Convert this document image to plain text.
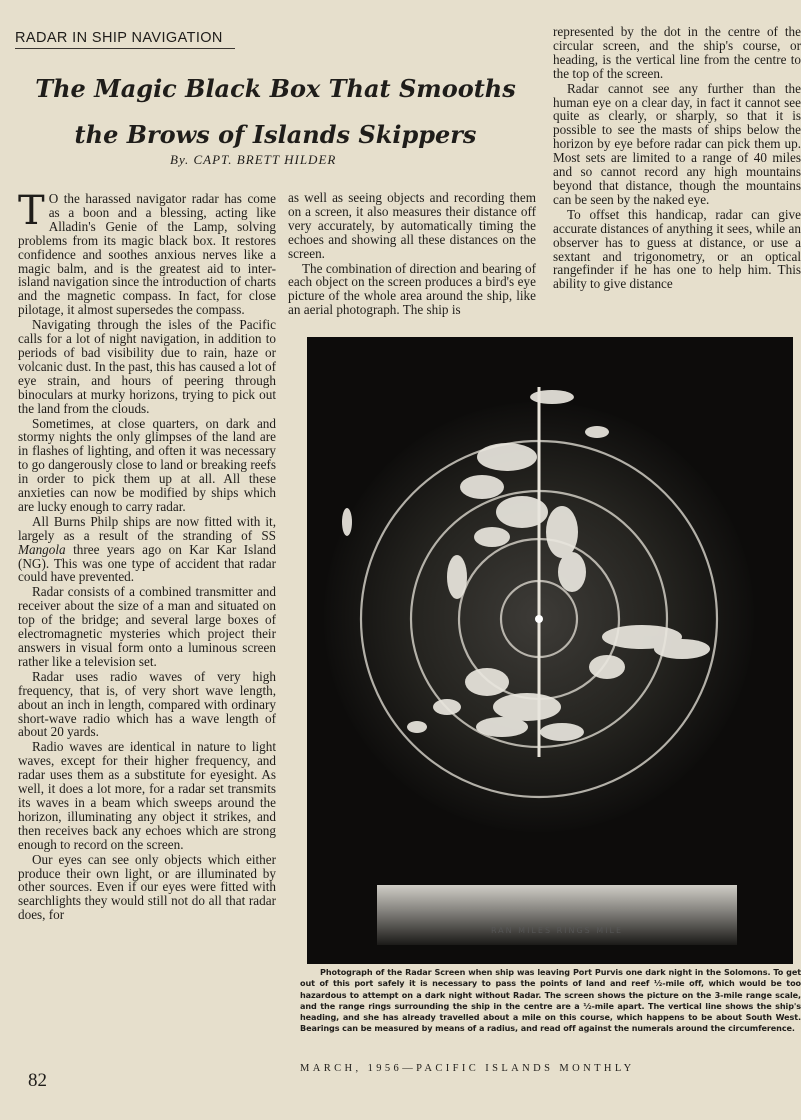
RADAR IN SHIP NAVIGATION
The Magic Black Box That Smooths
the Brows of Islands Skippers
By. CAPT. BRETT HILDER

T O the harassed navigator radar has come as a boon and a blessing, acting like Alladin's Genie of the Lamp, solving problems from its magic black box. It restores confidence and soothes anxious nerves like a magic balm, and is the greatest aid to inter-island navigation since the introduction of charts and the magnetic compass. In fact, for close pilotage, it almost supersedes the compass.

Navigating through the isles of the Pacific calls for a lot of night navigation, in addition to periods of bad visibility due to rain, haze or volcanic dust. In the past, this has caused a lot of eye strain, and hours of peering through binoculars at murky horizons, trying to pick out the land from the clouds.

Sometimes, at close quarters, on dark and stormy nights the only glimpses of the land are in flashes of lighting, and often it was necessary to go dangerously close to land or breaking reefs in order to pick them up at all. All these anxieties can now be modified by ships which are lucky enough to carry radar.

All Burns Philp ships are now fitted with it, largely as a result of the stranding of SS Mangola three years ago on Kar Kar Island (NG). This was one type of accident that radar could have prevented.

Radar consists of a combined transmitter and receiver about the size of a man and situated on top of the bridge; and several large boxes of electromagnetic mysteries which project their answers in visual form onto a luminous screen rather like a television set.

Radar uses radio waves of very high frequency, that is, of very short wave length, about an inch in length, compared with ordinary short-wave radio which has a wave length of about 20 yards.

Radio waves are identical in nature to light waves, except for their higher frequency, and radar uses them as a substitute for eyesight. As well, it does a lot more, for a radar set transmits its waves in a beam which sweeps around the horizon, illuminating any object it strikes, and then receives back any echoes which are strong enough to record on the screen.

Our eyes can see only objects which either produce their own light, or are illuminated by other sources. Even if our eyes were fitted with searchlights they would still not do all that radar does, for

as well as seeing objects and recording them on a screen, it also measures their distance off very accurately, by automatically timing the echoes and showing all these distances on the screen.

The combination of direction and bearing of each object on the screen produces a bird's eye picture of the whole area around the ship, like an aerial photograph. The ship is

represented by the dot in the centre of the circular screen, and the ship's course, or heading, is the vertical line from the centre to the top of the screen.

Radar cannot see any further than the human eye on a clear day, in fact it cannot see quite as clearly, or sharply, so that it is possible to see the masts of ships below the horizon by eye before radar can pick them up. Most sets are limited to a range of 40 miles and so cannot record any high mountains beyond that distance, though the mountains can be seen by the naked eye.

To offset this handicap, radar can give accurate distances of anything it sees, while an observer has to guess at distance, or use a sextant and trigonometry, or an optical rangefinder if he has one to help him. This ability to give distance

RAN MILES RINGS MILE
Photograph of the Radar Screen when ship was leaving Port Purvis one dark night in the Solomons. To get out of this port safely it is necessary to pass the points of land and reef ½-mile off, which would be too hazardous to attempt on a dark night without Radar. The screen shows the picture on the 3-mile range scale, and the range rings surrounding the ship in the centre are a ½-mile apart. The vertical line shows the ship's heading, and she has already travelled about a mile on this course, which happens to be about South West. Bearings can be measured by means of a radius, and read off against the numerals around the circumference.
82
MARCH, 1956—PACIFIC ISLANDS MONTHLY
